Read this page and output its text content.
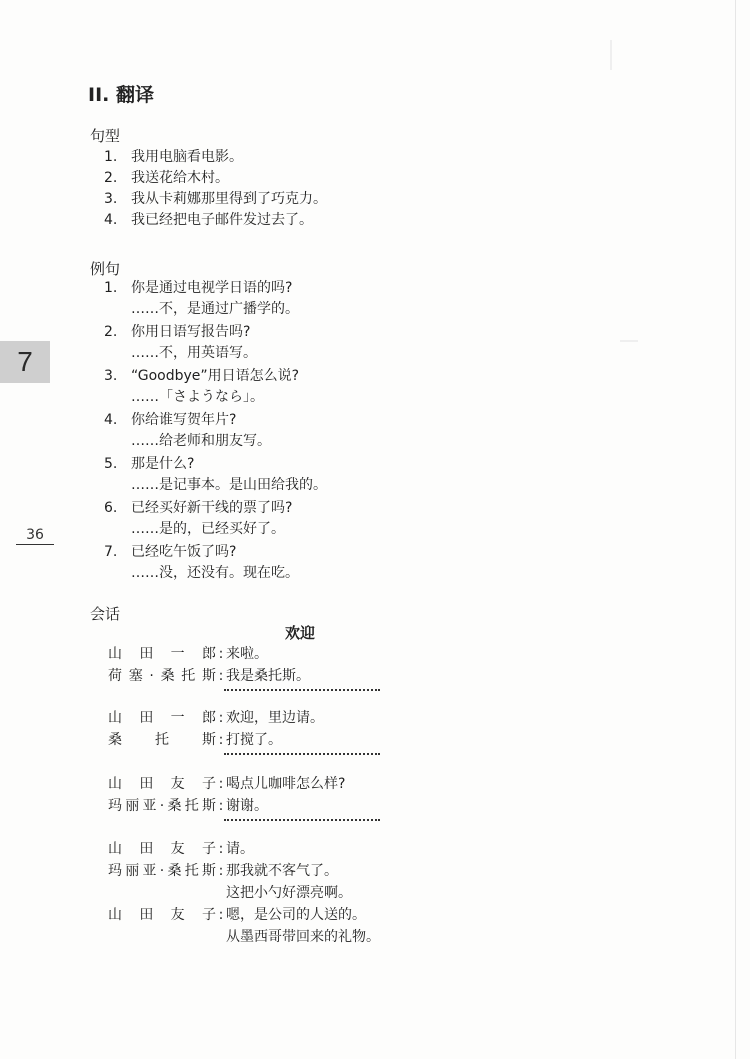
7
36
II. 翻译
句型
1. 我用电脑看电影。
2. 我送花给木村。
3. 我从卡莉娜那里得到了巧克力。
4. 我已经把电子邮件发过去了。
例句
1. 你是通过电视学日语的吗?
……不，是通过广播学的。
2. 你用日语写报告吗?
……不，用英语写。
3. “Goodbye”用日语怎么说?
……「さようなら」。
4. 你给谁写贺年片?
……给老师和朋友写。
5. 那是什么?
……是记事本。是山田给我的。
6. 已经买好新干线的票了吗?
……是的，已经买好了。
7. 已经吃午饭了吗?
……没，还没有。现在吃。
会话
欢迎
山 田 一 郎 : 来啦。
荷 塞 · 桑 托 斯 : 我是桑托斯。
山 田 一 郎 : 欢迎，里边请。
桑 托 斯 : 打搅了。
山 田 友 子 : 喝点儿咖啡怎么样?
玛 丽 亚 · 桑 托 斯 : 谢谢。
山 田 友 子 : 请。
玛 丽 亚 · 桑 托 斯 : 那我就不客气了。
这把小勺好漂亮啊。
山 田 友 子 : 嗯，是公司的人送的。
从墨西哥带回来的礼物。
